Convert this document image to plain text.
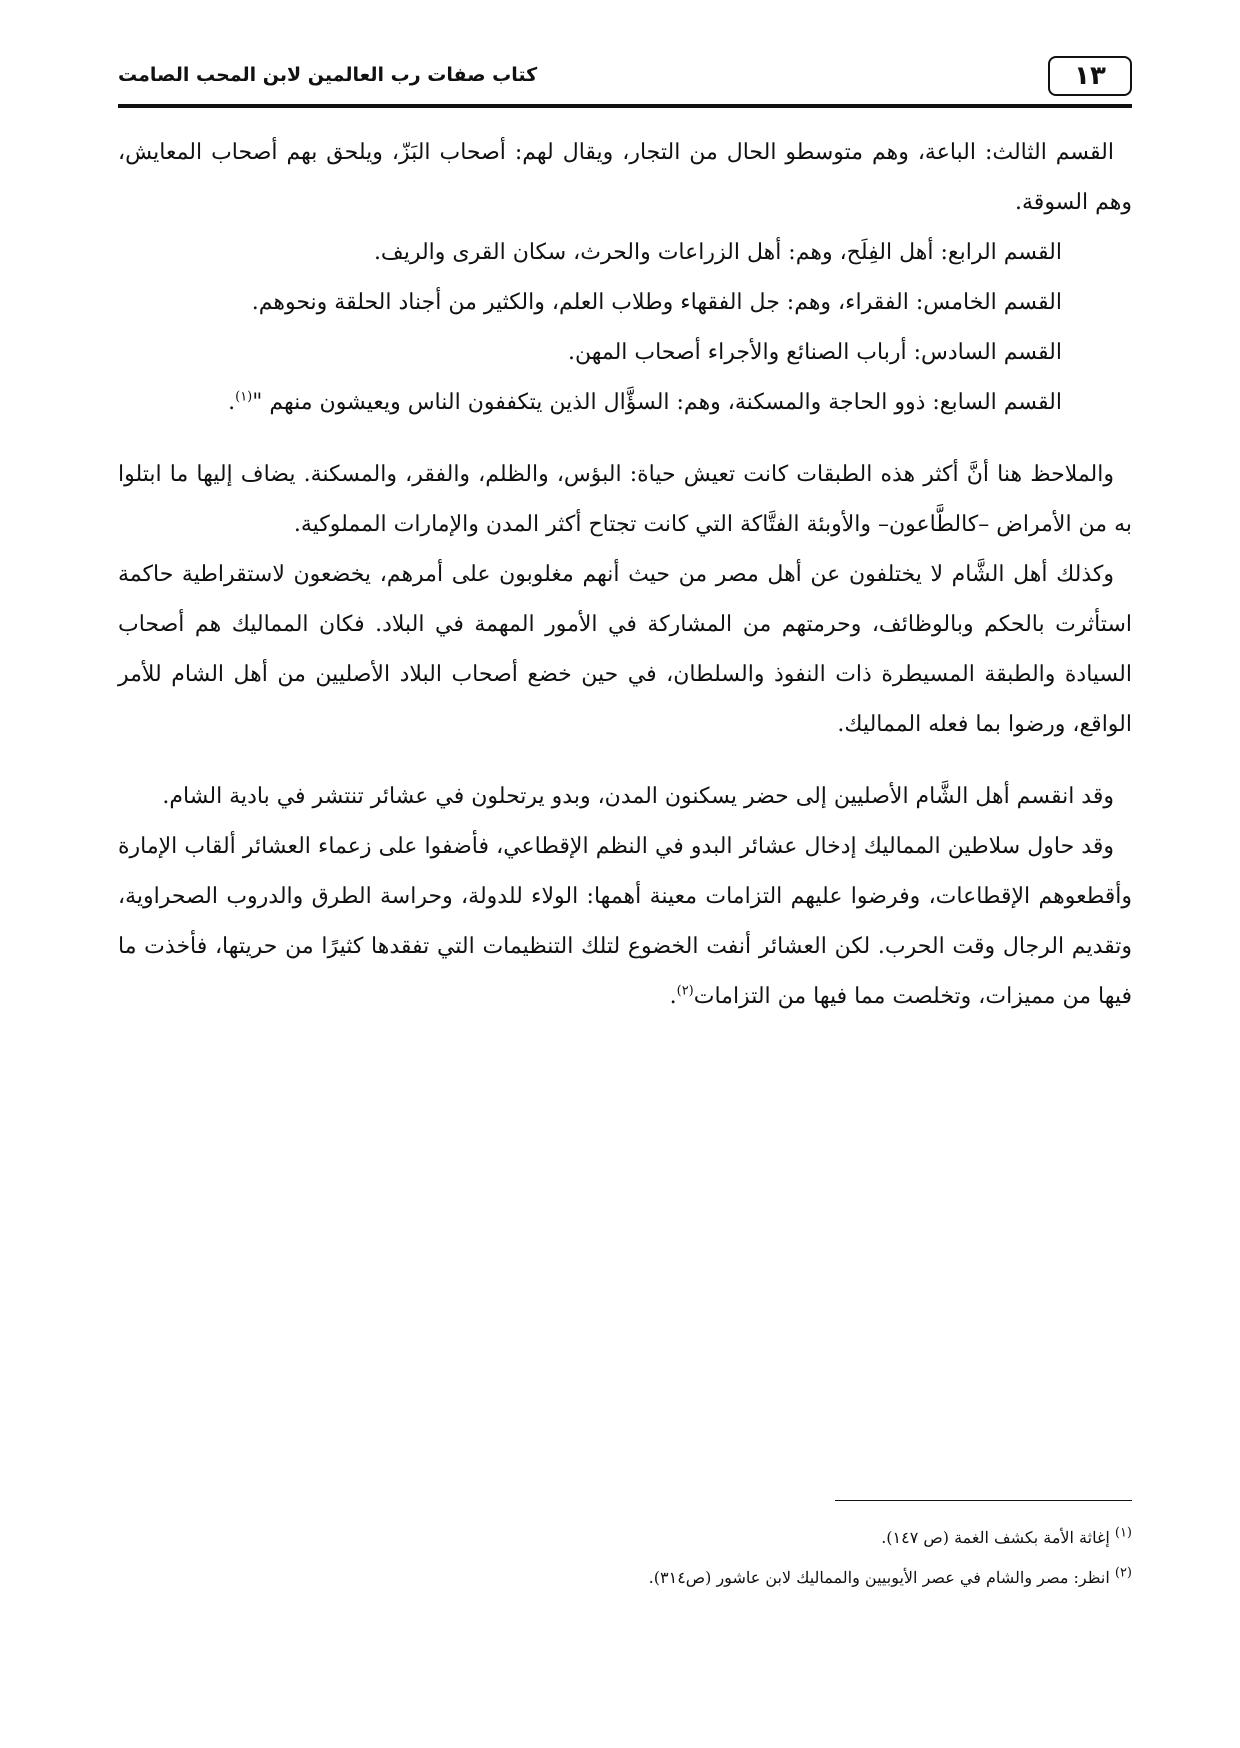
١٣
كتاب صفات رب العالمين لابن المحب الصامت

القسم الثالث: الباعة، وهم متوسطو الحال من التجار، ويقال لهم: أصحاب البَزّ، ويلحق بهم أصحاب المعايش، وهم السوقة.

القسم الرابع: أهل الفِلَح، وهم: أهل الزراعات والحرث، سكان القرى والريف.

القسم الخامس: الفقراء، وهم: جل الفقهاء وطلاب العلم، والكثير من أجناد الحلقة ونحوهم.

القسم السادس: أرباب الصنائع والأجراء أصحاب المهن.

القسم السابع: ذوو الحاجة والمسكنة، وهم: السؤَّال الذين يتكففون الناس ويعيشون منهم "$^{(١)}$.

والملاحظ هنا أنَّ أكثر هذه الطبقات كانت تعيش حياة: البؤس، والظلم، والفقر، والمسكنة. يضاف إليها ما ابتلوا به من الأمراض –كالطَّاعون– والأوبئة الفتَّاكة التي كانت تجتاح أكثر المدن والإمارات المملوكية.

وكذلك أهل الشَّام لا يختلفون عن أهل مصر من حيث أنهم مغلوبون على أمرهم، يخضعون لاستقراطية حاكمة استأثرت بالحكم وبالوظائف، وحرمتهم من المشاركة في الأمور المهمة في البلاد. فكان المماليك هم أصحاب السيادة والطبقة المسيطرة ذات النفوذ والسلطان، في حين خضع أصحاب البلاد الأصليين من أهل الشام للأمر الواقع، ورضوا بما فعله المماليك.

وقد انقسم أهل الشَّام الأصليين إلى حضر يسكنون المدن، وبدو يرتحلون في عشائر تنتشر في بادية الشام.

وقد حاول سلاطين المماليك إدخال عشائر البدو في النظم الإقطاعي، فأضفوا على زعماء العشائر ألقاب الإمارة وأقطعوهم الإقطاعات، وفرضوا عليهم التزامات معينة أهمها: الولاء للدولة، وحراسة الطرق والدروب الصحراوية، وتقديم الرجال وقت الحرب. لكن العشائر أنفت الخضوع لتلك التنظيمات التي تفقدها كثيرًا من حريتها، فأخذت ما فيها من مميزات، وتخلصت مما فيها من التزامات$^{(٢)}$.

$^{(١)}$ إغاثة الأمة بكشف الغمة (ص ١٤٧).

$^{(٢)}$ انظر: مصر والشام في عصر الأيوبيين والمماليك لابن عاشور (ص٣١٤).
